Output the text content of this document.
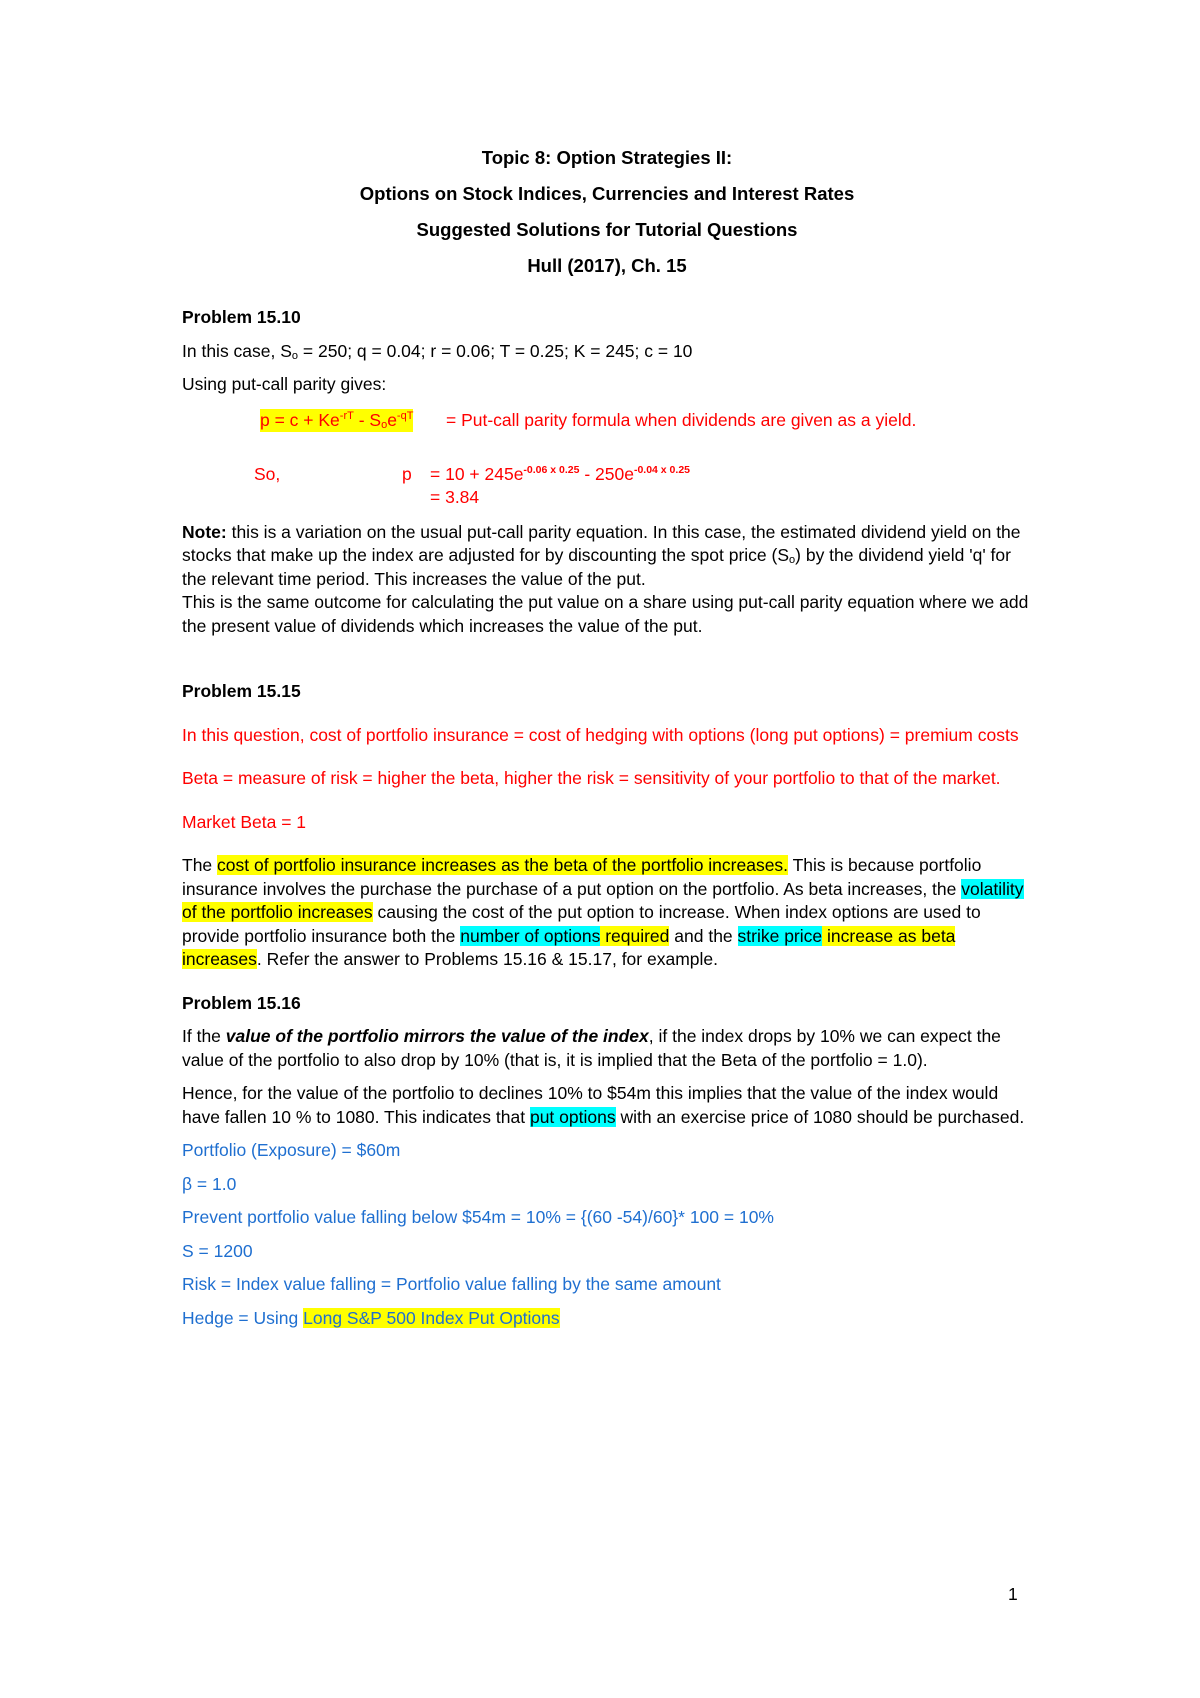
Topic 8: Option Strategies II:
Options on Stock Indices, Currencies and Interest Rates
Suggested Solutions for Tutorial Questions
Hull (2017), Ch. 15

Problem 15.10

In this case, $S_o = 250$; q = 0.04; r = 0.06; T = 0.25; K = 245; c = 10

Using put-call parity gives:

$p = c + Ke^{-rT} - S_oe^{-qT}$ = Put-call parity formula when dividends are given as a yield.
So,	$p = 10 + 245e^{-0.06 x 0.25} - 250e^{-0.04 x 0.25}$
= 3.84

Note: this is a variation on the usual put-call parity equation. In this case, the estimated dividend yield on the stocks that make up the index are adjusted for by discounting the spot price $(S_o)$ by the dividend yield 'q' for the relevant time period. This increases the value of the put.

This is the same outcome for calculating the put value on a share using put-call parity equation where we add the present value of dividends which increases the value of the put.

Problem 15.15

In this question, cost of portfolio insurance = cost of hedging with options (long put options) = premium costs

Beta = measure of risk = higher the beta, higher the risk = sensitivity of your portfolio to that of the market.

Market Beta = 1

The cost of portfolio insurance increases as the beta of the portfolio increases. This is because portfolio insurance involves the purchase the purchase of a put option on the portfolio. As beta increases, the volatility of the portfolio increases causing the cost of the put option to increase. When index options are used to provide portfolio insurance both the number of options required and the strike price increase as beta increases. Refer the answer to Problems 15.16 & 15.17, for example.

Problem 15.16

If the value of the portfolio mirrors the value of the index, if the index drops by 10% we can expect the value of the portfolio to also drop by 10% (that is, it is implied that the Beta of the portfolio = 1.0).

Hence, for the value of the portfolio to declines 10% to $54m this implies that the value of the index would have fallen 10 % to 1080. This indicates that put options with an exercise price of 1080 should be purchased.

Portfolio (Exposure) = $60m

β = 1.0

Prevent portfolio value falling below $54m = 10% = {(60 -54)/60}* 100 = 10%

S = 1200

Risk = Index value falling = Portfolio value falling by the same amount

Hedge = Using Long S&P 500 Index Put Options

1
